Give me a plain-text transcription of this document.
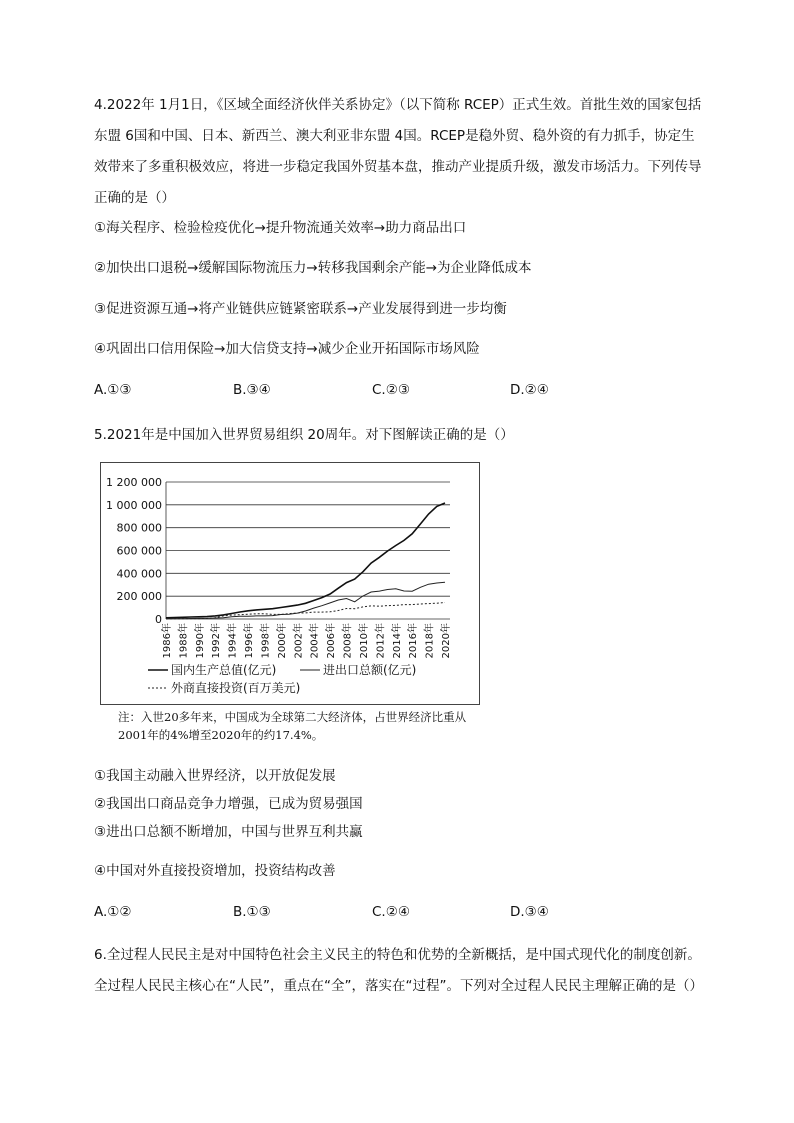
4.2022年 1月1日，《区域全面经济伙伴关系协定》（以下简称 RCEP）正式生效。首批生效的国家包括东盟 6国和中国、日本、新西兰、澳大利亚非东盟 4国。RCEP是稳外贸、稳外资的有力抓手，协定生效带来了多重积极效应，将进一步稳定我国外贸基本盘，推动产业提质升级，激发市场活力。下列传导正确的是（）

①海关程序、检验检疫优化→提升物流通关效率→助力商品出口

②加快出口退税→缓解国际物流压力→转移我国剩余产能→为企业降低成本

③促进资源互通→将产业链供应链紧密联系→产业发展得到进一步均衡

④巩固出口信用保险→加大信贷支持→减少企业开拓国际市场风险

A.①③	B.③④	C.②③	D.②④

5.2021年是中国加入世界贸易组织 20周年。对下图解读正确的是（）

0
200 000
400 000
600 000
800 000
1 000 000
1 200 000
1986年 1988年 1990年 1992年 1994年 1996年 1998年 2000年 2002年 2004年 2006年 2008年 2010年 2012年 2014年 2016年 2018年 2020年
国内生产总值(亿元)	进出口总额(亿元)
外商直接投资(百万美元)
注：入世20多年来，中国成为全球第二大经济体，占世界经济比重从2001年的4%增至2020年的约17.4%。

①我国主动融入世界经济，以开放促发展

②我国出口商品竞争力增强，已成为贸易强国

③进出口总额不断增加，中国与世界互利共赢

④中国对外直接投资增加，投资结构改善

A.①②	B.①③	C.②④	D.③④

6.全过程人民民主是对中国特色社会主义民主的特色和优势的全新概括，是中国式现代化的制度创新。全过程人民民主核心在“人民”，重点在“全”，落实在“过程”。下列对全过程人民民主理解正确的是（）
